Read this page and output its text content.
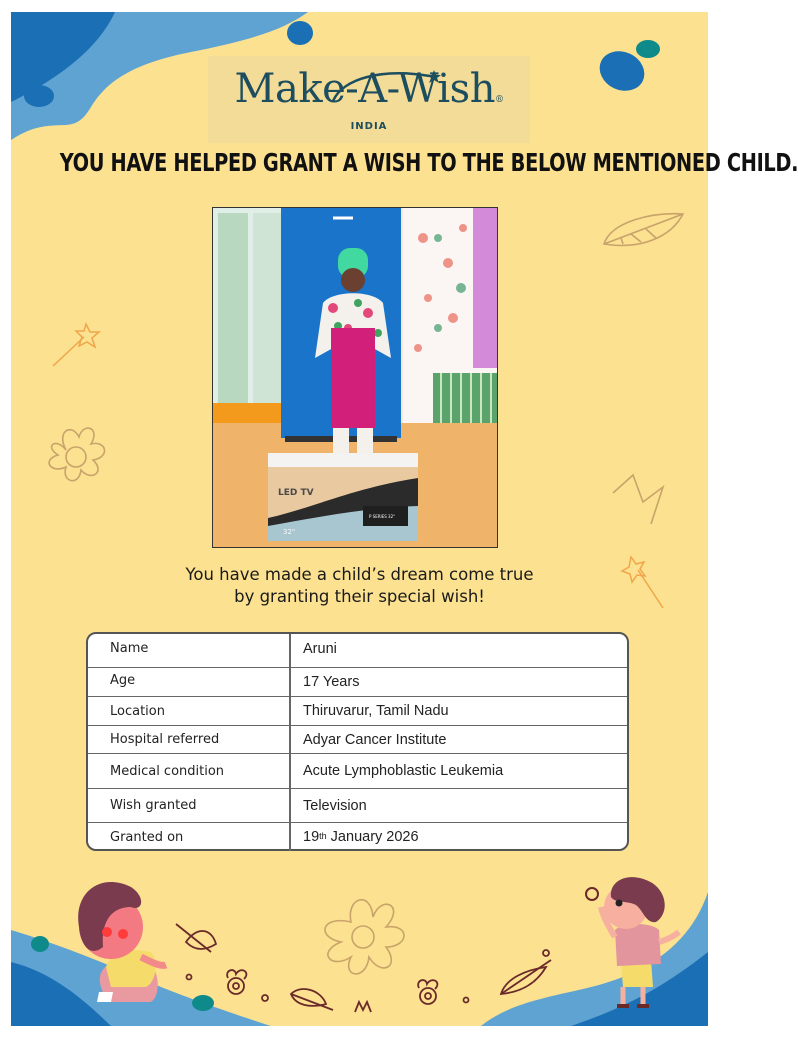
Make-A-Wish®
INDIA
YOU HAVE HELPED GRANT A WISH TO THE BELOW MENTIONED CHILD.
LED TV
32"
P SERIES 32"
You have made a child’s dream come true
by granting their special wish!
Name	Aruni
Age	17 Years
Location	Thiruvarur, Tamil Nadu
Hospital referred	Adyar Cancer Institute
Medical condition	Acute Lymphoblastic Leukemia
Wish granted	Television
Granted on	19th January 2026
